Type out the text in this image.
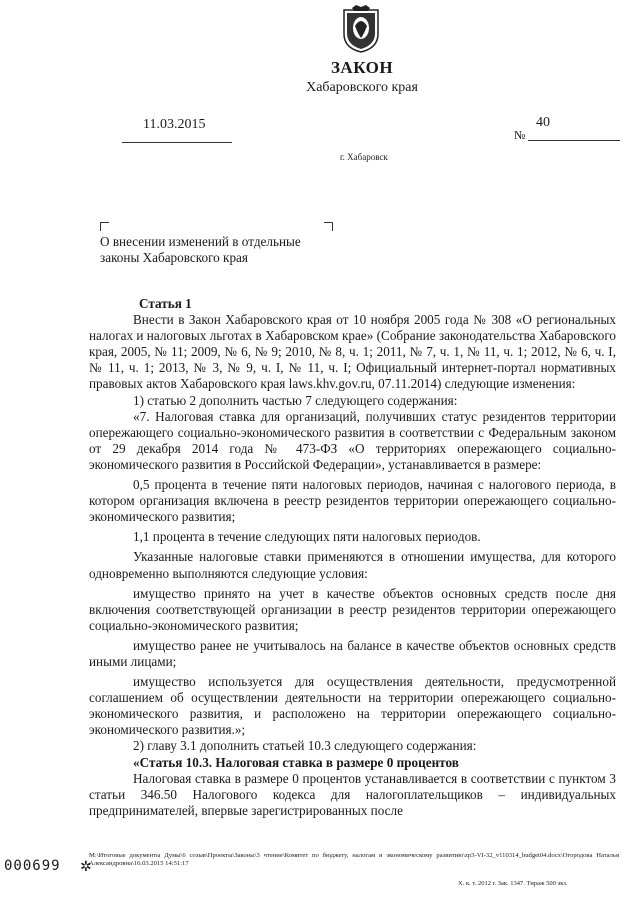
ЗАКОН
Хабаровского края
11.03.2015
№
40
г. Хабаровск
О внесении изменений в отдельные законы Хабаровского края

Статья 1

Внести в Закон Хабаровского края от 10 ноября 2005 года № 308 «О региональных налогах и налоговых льготах в Хабаровском крае» (Собрание законодательства Хабаровского края, 2005, № 11; 2009, № 6, № 9; 2010, № 8, ч. 1; 2011, № 7, ч. 1, № 11, ч. 1; 2012, № 6, ч. I, № 11, ч. 1; 2013, № 3, № 9, ч. I, № 11, ч. I; Официальный интернет-портал нормативных правовых актов Хабаровского края laws.khv.gov.ru, 07.11.2014) следующие изменения:

1) статью 2 дополнить частью 7 следующего содержания:

«7. Налоговая ставка для организаций, получивших статус резидентов территории опережающего социально-экономического развития в соответствии с Федеральным законом от 29 декабря 2014 года № 473-ФЗ «О территориях опережающего социально-экономического развития в Российской Федерации», устанавливается в размере:

0,5 процента в течение пяти налоговых периодов, начиная с налогового периода, в котором организация включена в реестр резидентов территории опережающего социально-экономического развития;

1,1 процента в течение следующих пяти налоговых периодов.

Указанные налоговые ставки применяются в отношении имущества, для которого одновременно выполняются следующие условия:

имущество принято на учет в качестве объектов основных средств после дня включения соответствующей организации в реестр резидентов территории опережающего социально-экономического развития;

имущество ранее не учитывалось на балансе в качестве объектов основных средств иными лицами;

имущество используется для осуществления деятельности, предусмотренной соглашением об осуществлении деятельности на территории опережающего социально-экономического развития, и расположено на территории опережающего социально-экономического развития.»;

2) главу 3.1 дополнить статьей 10.3 следующего содержания:

«Статья 10.3. Налоговая ставка в размере 0 процентов

Налоговая ставка в размере 0 процентов устанавливается в соответствии с пунктом 3 статьи 346.50 Налогового кодекса для налогоплательщиков – индивидуальных предпринимателей, впервые зарегистрированных после

M:\Итоговые документы Думы\6 созыв\Проекты\Законы\3 чтение\Комитет по бюджету, налогам и экономическому развитию\zp3-VI-32_v110314_budget04.docx\Огородова Наталья Александровна\16.03.2015 14:51:17
000699 ✲
Х. к. т. 2012 г. Зак. 1347. Тираж 500 экз.
